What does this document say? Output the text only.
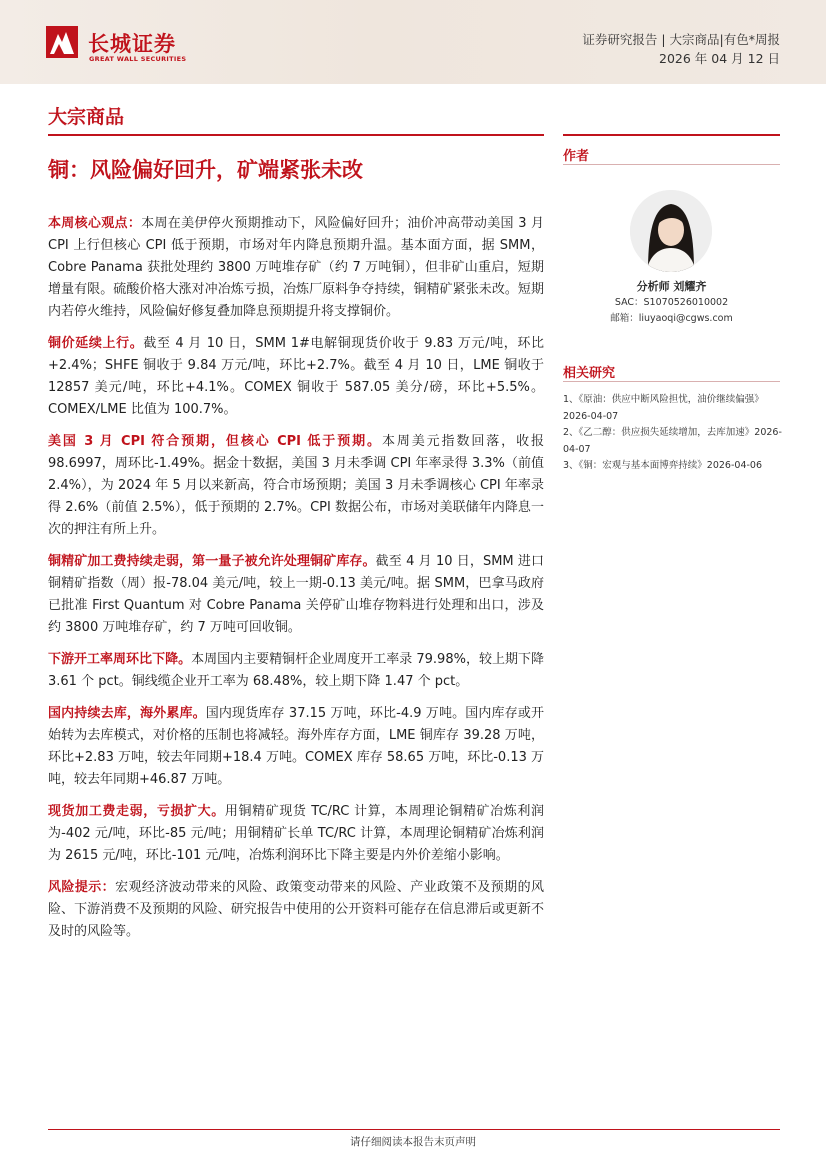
长城证券
GREAT WALL SECURITIES
证券研究报告 | 大宗商品|有色*周报
2026 年 04 月 12 日
大宗商品
铜：风险偏好回升，矿端紧张未改
作者
分析师 刘耀齐
SAC：S1070526010002
邮箱：liuyaoqi@cgws.com
相关研究
1、《原油：供应中断风险担忧，油价继续偏强》2026-04-07
2、《乙二醇：供应损失延续增加，去库加速》2026-04-07
3、《铜：宏观与基本面博弈持续》2026-04-06

本周核心观点：本周在美伊停火预期推动下，风险偏好回升；油价冲高带动美国 3 月 CPI 上行但核心 CPI 低于预期，市场对年内降息预期升温。基本面方面，据 SMM，Cobre Panama 获批处理约 3800 万吨堆存矿（约 7 万吨铜），但非矿山重启，短期增量有限。硫酸价格大涨对冲冶炼亏损，冶炼厂原料争夺持续，铜精矿紧张未改。短期内若停火维持，风险偏好修复叠加降息预期提升将支撑铜价。

铜价延续上行。截至 4 月 10 日，SMM 1#电解铜现货价收于 9.83 万元/吨，环比+2.4%；SHFE 铜收于 9.84 万元/吨，环比+2.7%。截至 4 月 10 日，LME 铜收于 12857 美元/吨，环比+4.1%。COMEX 铜收于 587.05 美分/磅，环比+5.5%。COMEX/LME 比值为 100.7%。

美国 3 月 CPI 符合预期，但核心 CPI 低于预期。本周美元指数回落，收报 98.6997，周环比-1.49%。据金十数据，美国 3 月未季调 CPI 年率录得 3.3%（前值 2.4%），为 2024 年 5 月以来新高，符合市场预期；美国 3 月未季调核心 CPI 年率录得 2.6%（前值 2.5%），低于预期的 2.7%。CPI 数据公布，市场对美联储年内降息一次的押注有所上升。

铜精矿加工费持续走弱，第一量子被允许处理铜矿库存。截至 4 月 10 日，SMM 进口铜精矿指数（周）报-78.04 美元/吨，较上一期-0.13 美元/吨。据 SMM，巴拿马政府已批准 First Quantum 对 Cobre Panama 关停矿山堆存物料进行处理和出口，涉及约 3800 万吨堆存矿，约 7 万吨可回收铜。

下游开工率周环比下降。本周国内主要精铜杆企业周度开工率录 79.98%，较上期下降 3.61 个 pct。铜线缆企业开工率为 68.48%，较上期下降 1.47 个 pct。

国内持续去库，海外累库。国内现货库存 37.15 万吨，环比-4.9 万吨。国内库存或开始转为去库模式，对价格的压制也将减轻。海外库存方面，LME 铜库存 39.28 万吨，环比+2.83 万吨，较去年同期+18.4 万吨。COMEX 库存 58.65 万吨，环比-0.13 万吨，较去年同期+46.87 万吨。

现货加工费走弱，亏损扩大。用铜精矿现货 TC/RC 计算，本周理论铜精矿冶炼利润为-402 元/吨，环比-85 元/吨；用铜精矿长单 TC/RC 计算，本周理论铜精矿冶炼利润为 2615 元/吨，环比-101 元/吨，冶炼利润环比下降主要是内外价差缩小影响。

风险提示：宏观经济波动带来的风险、政策变动带来的风险、产业政策不及预期的风险、下游消费不及预期的风险、研究报告中使用的公开资料可能存在信息滞后或更新不及时的风险等。

请仔细阅读本报告末页声明
